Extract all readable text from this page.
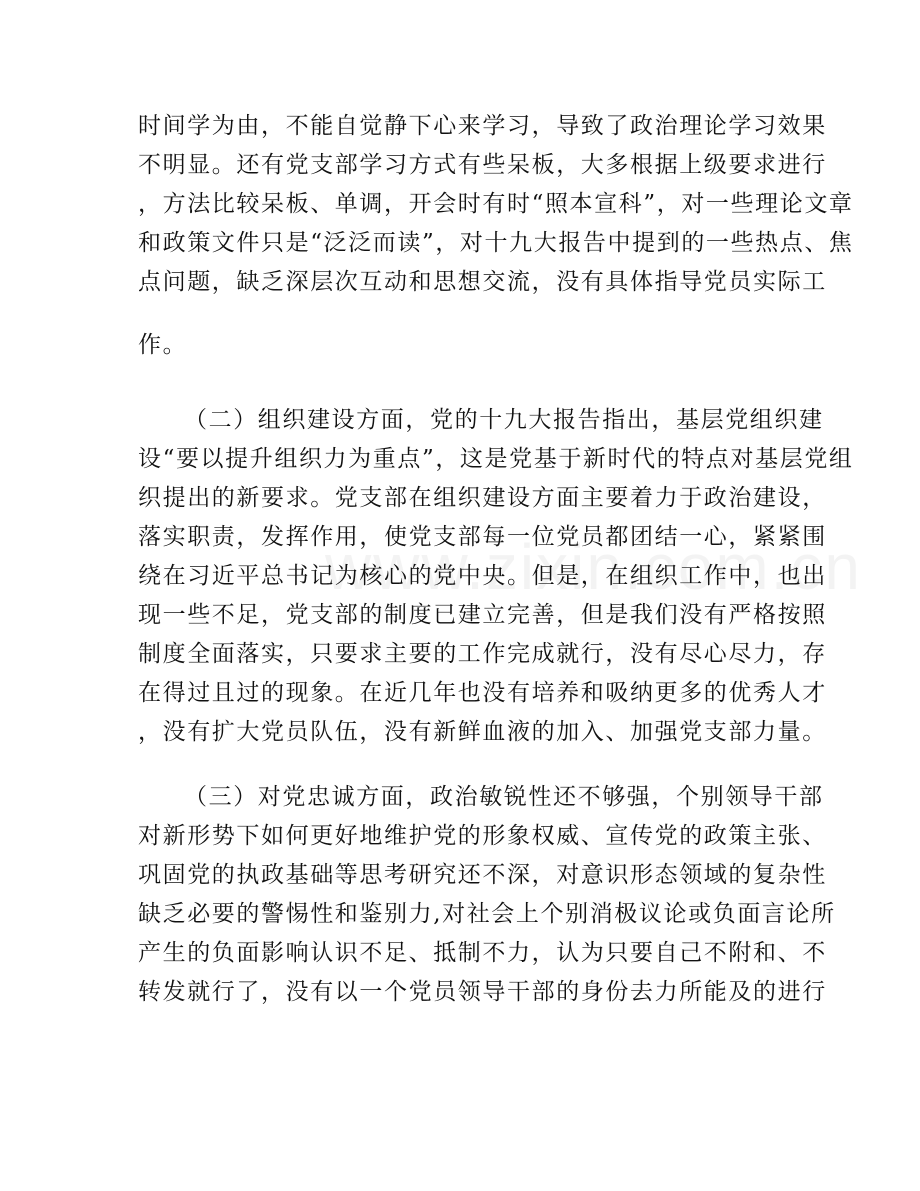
时间学为由，不能自觉静下心来学习，导致了政治理论学习效果
不明显。还有党支部学习方式有些呆板，大多根据上级要求进行
，方法比较呆板、单调，开会时有时“照本宣科”，对一些理论文章
和政策文件只是“泛泛而读”，对十九大报告中提到的一些热点、焦
点问题，缺乏深层次互动和思想交流，没有具体指导党员实际工
作。
（二）组织建设方面，党的十九大报告指出，基层党组织建
设“要以提升组织力为重点”，这是党基于新时代的特点对基层党组
织提出的新要求。党支部在组织建设方面主要着力于政治建设，
落实职责，发挥作用，使党支部每一位党员都团结一心，紧紧围
绕在习近平总书记为核心的党中央。但是，在组织工作中，也出
现一些不足，党支部的制度已建立完善，但是我们没有严格按照
制度全面落实，只要求主要的工作完成就行，没有尽心尽力，存
在得过且过的现象。在近几年也没有培养和吸纳更多的优秀人才
，没有扩大党员队伍，没有新鲜血液的加入、加强党支部力量。
（三）对党忠诚方面，政治敏锐性还不够强，个别领导干部
对新形势下如何更好地维护党的形象权威、宣传党的政策主张、
巩固党的执政基础等思考研究还不深，对意识形态领域的复杂性
缺乏必要的警惕性和鉴别力,对社会上个别消极议论或负面言论所
产生的负面影响认识不足、抵制不力，认为只要自己不附和、不
转发就行了，没有以一个党员领导干部的身份去力所能及的进行
